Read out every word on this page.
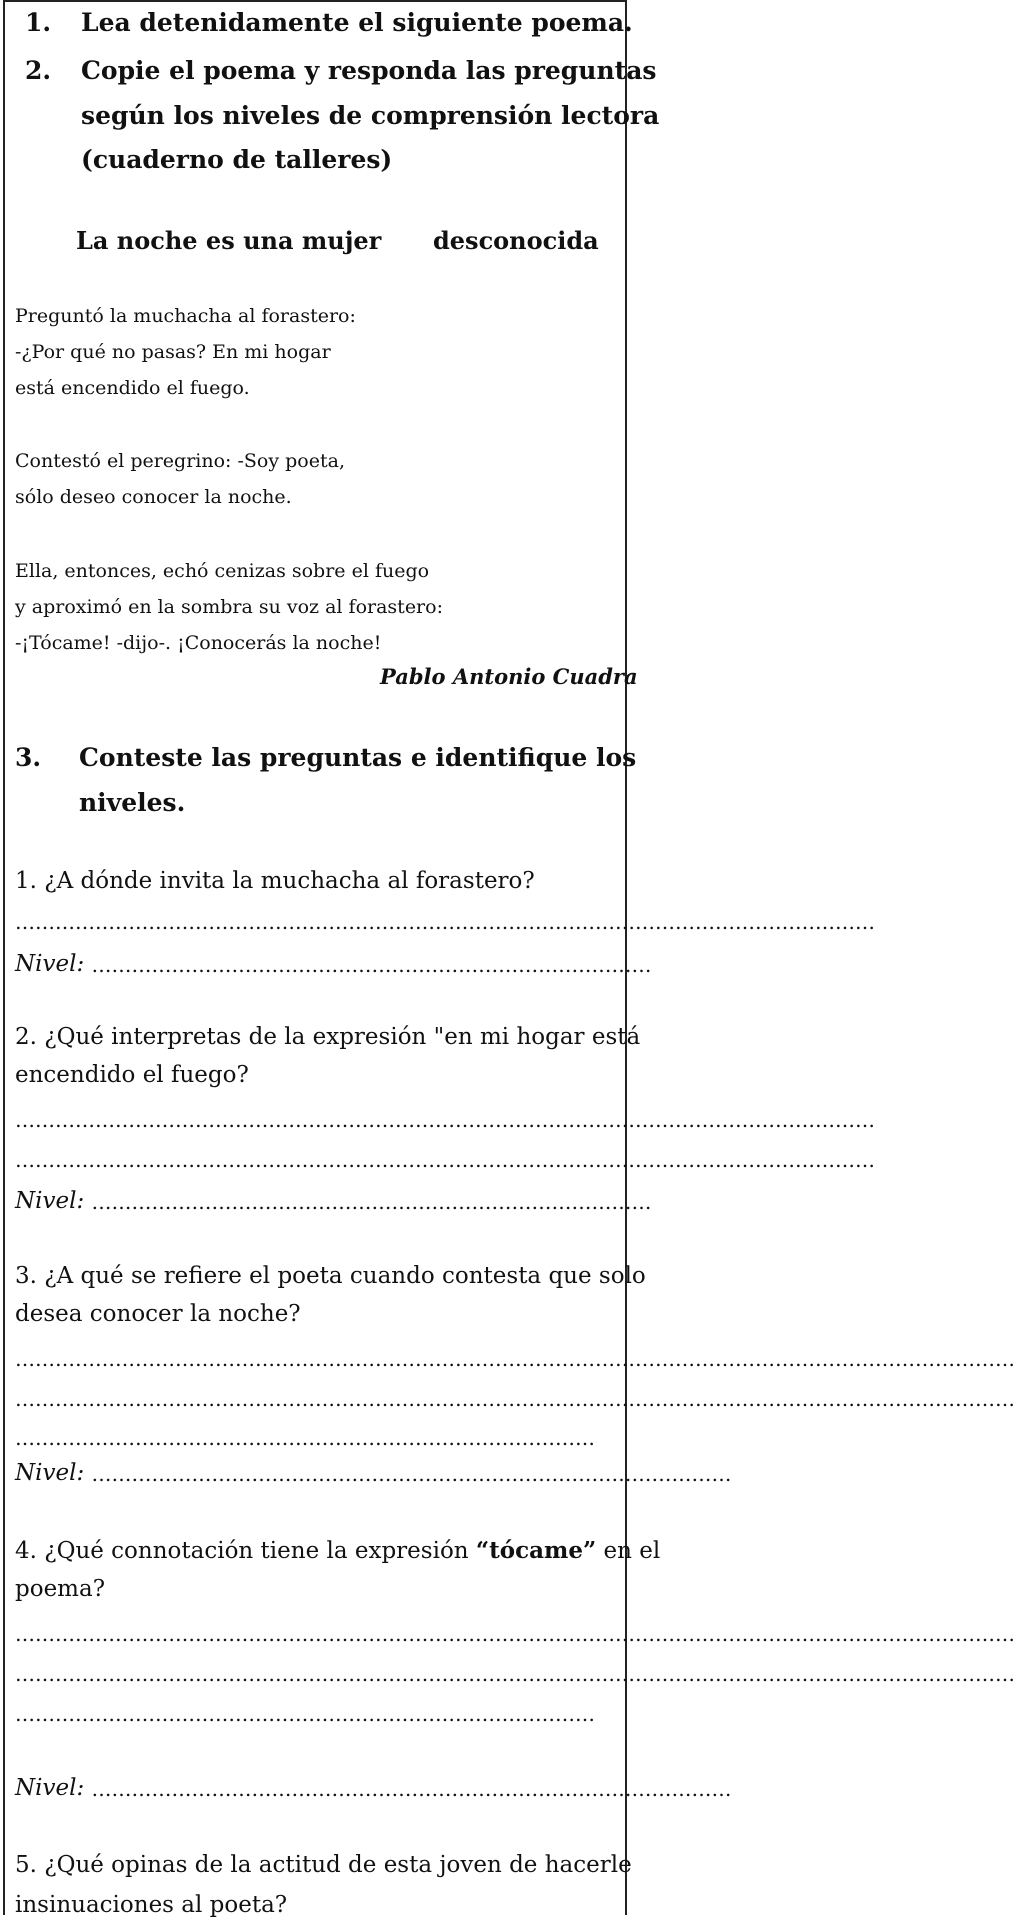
1. Lea detenidamente el siguiente poema.
2. Copie el poema y responda las preguntas
según los niveles de comprensión lectora
(cuaderno de talleres)
La noche es una mujer desconocida
Preguntó la muchacha al forastero:
-¿Por qué no pasas? En mi hogar
está encendido el fuego.
Contestó el peregrino: -Soy poeta,
sólo deseo conocer la noche.
Ella, entonces, echó cenizas sobre el fuego
y aproximó en la sombra su voz al forastero:
-¡Tócame! -dijo-. ¡Conocerás la noche!
Pablo Antonio Cuadra
3. Conteste las preguntas e identifique los
niveles.
1. ¿A dónde invita la muchacha al forastero?
…………………………………………………………………………………………………………………
Nivel: …………………………………………………………………………
2. ¿Qué interpretas de la expresión "en mi hogar está
encendido el fuego?
…………………………………………………………………………………………………………………
…………………………………………………………………………………………………………………
Nivel: …………………………………………………………………………
3. ¿A qué se refiere el poeta cuando contesta que solo
desea conocer la noche?
……………………………………………………………………………………………………………………………………
……………………………………………………………………………………………………………………………………
……………………………………………………………………………
Nivel: ……………………………………………………………………………………
4. ¿Qué connotación tiene la expresión “tócame” en el
poema?
……………………………………………………………………………………………………………………………………
……………………………………………………………………………………………………………………………………
……………………………………………………………………………
Nivel: ……………………………………………………………………………………
5. ¿Qué opinas de la actitud de esta joven de hacerle
insinuaciones al poeta?
